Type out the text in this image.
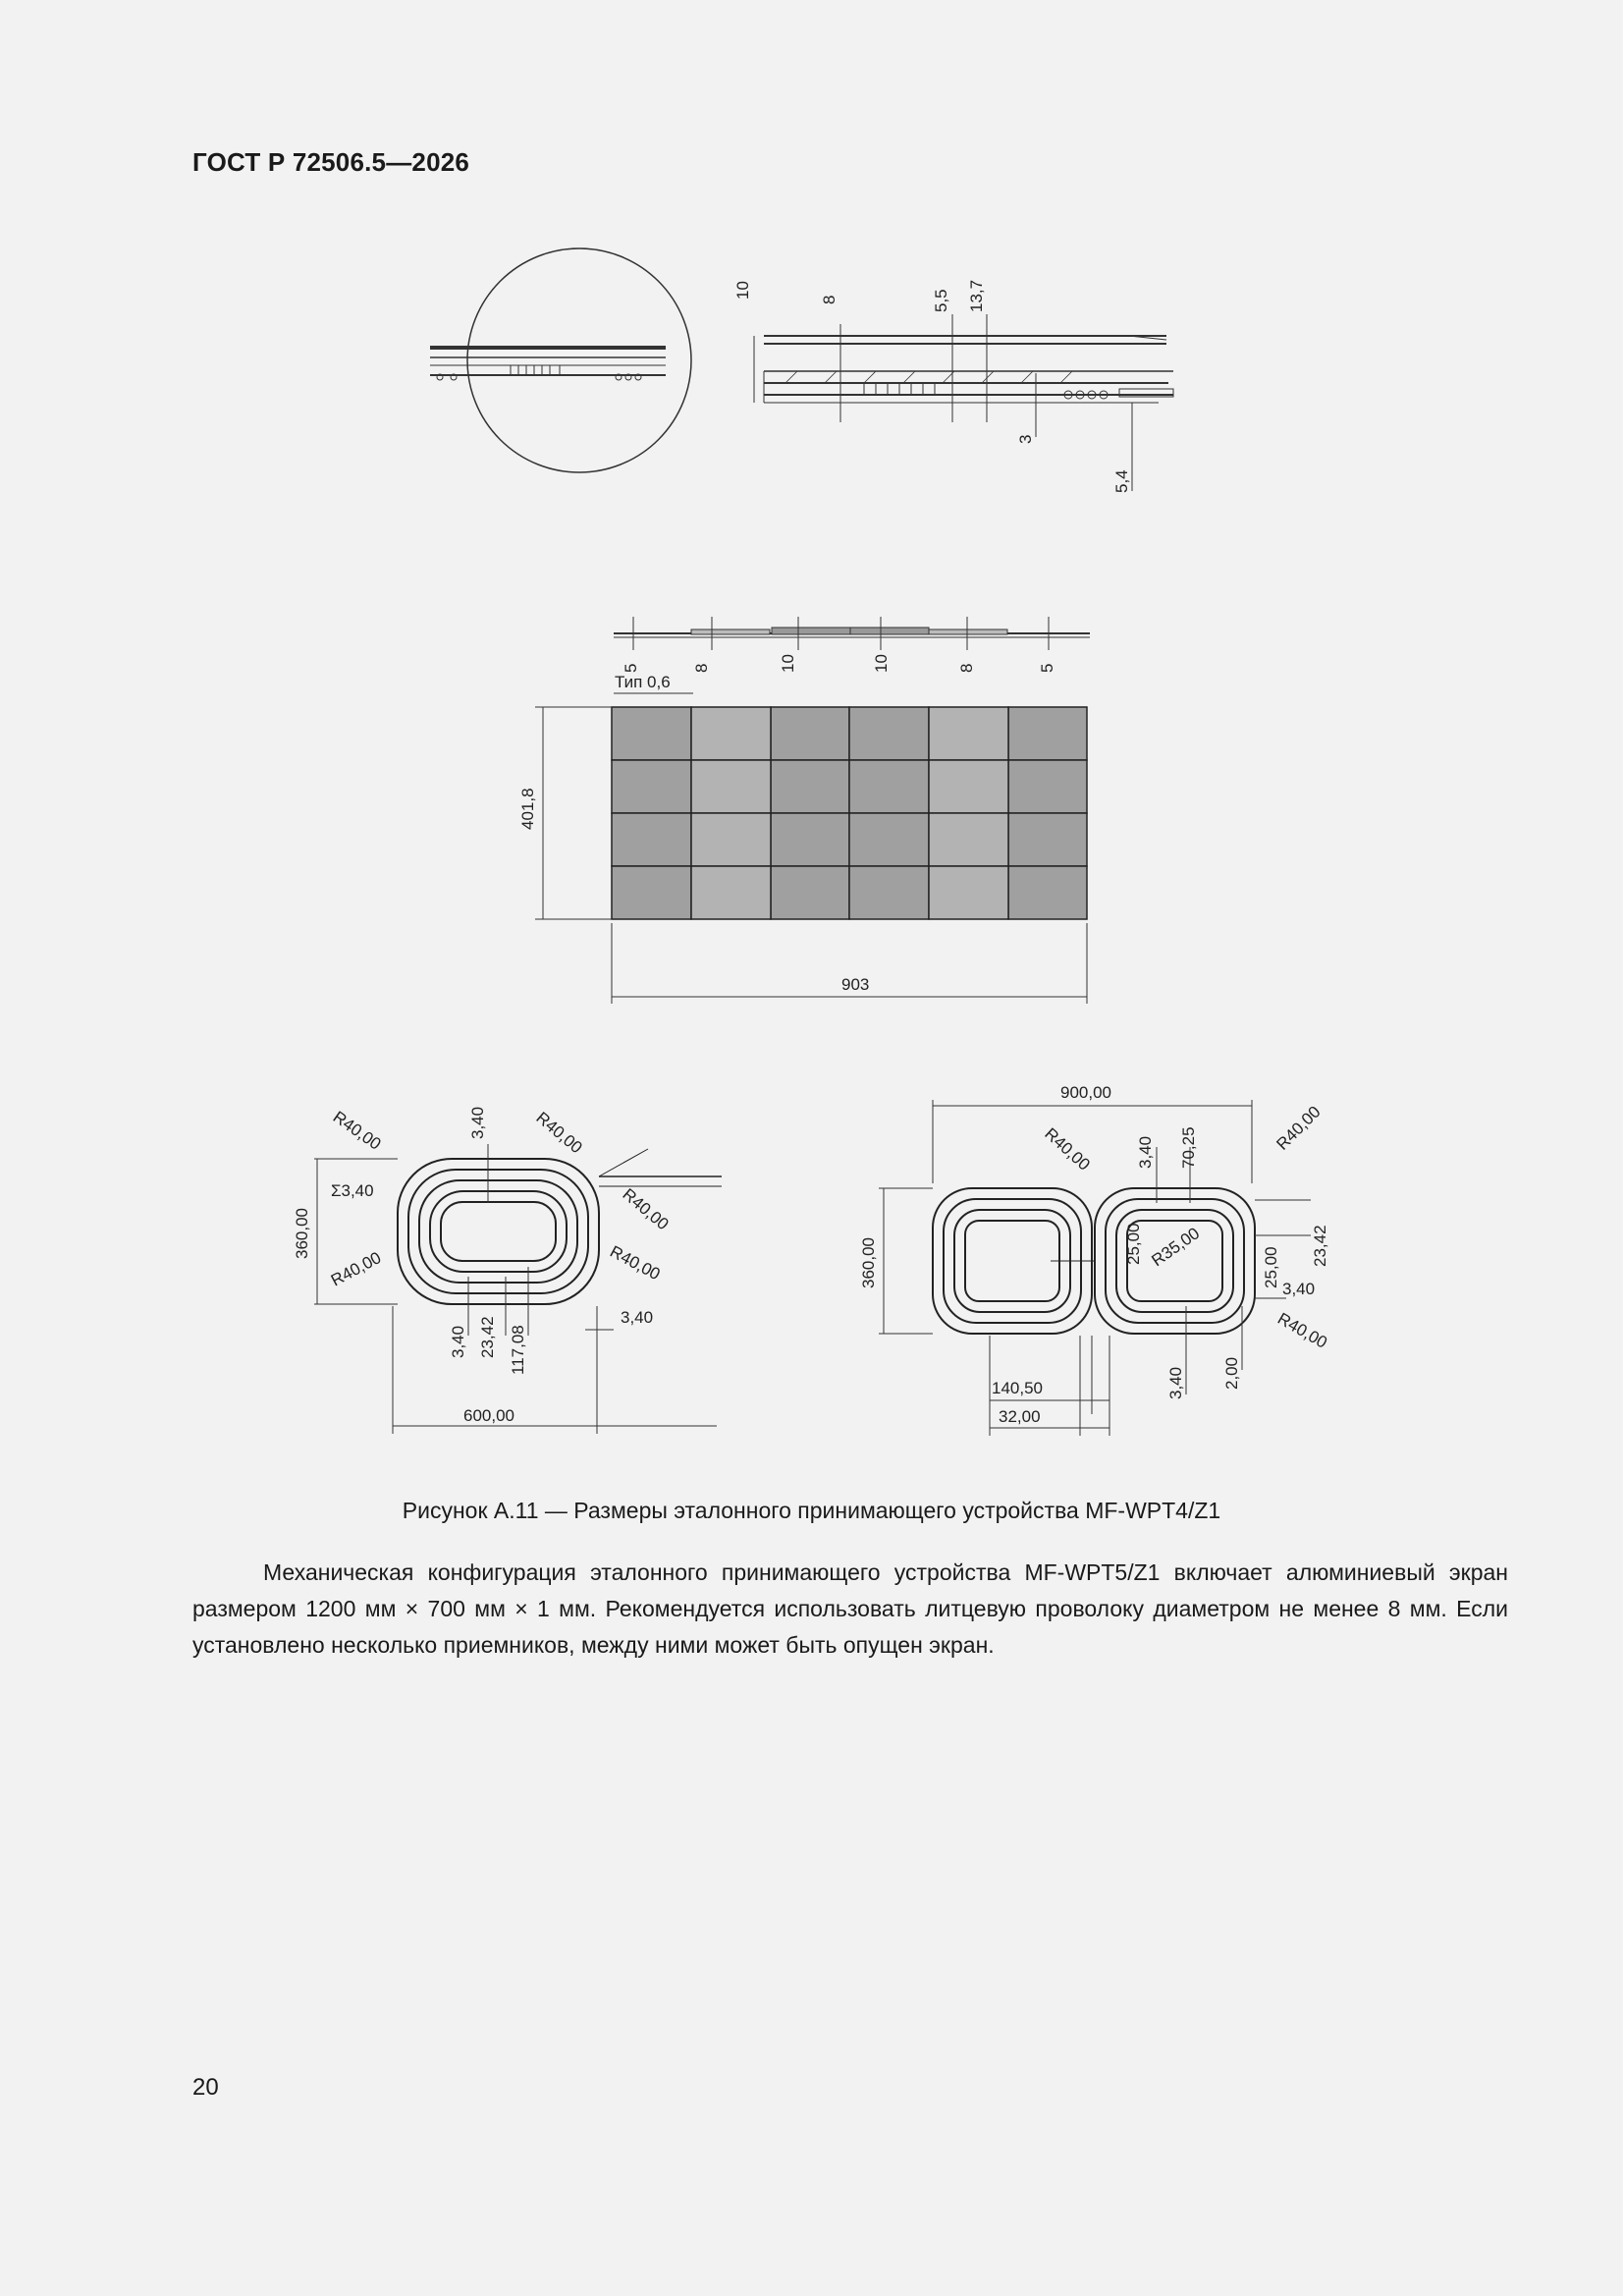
ГОСТ Р 72506.5—2026
10
8	5,5 13,7
3
5,4
5	8	10	10	8	5
Тип 0,6
401,8
903
R40,00	3,40	R40,00
360,00
Σ3,40	R40,00
R40,00	R40,00
3,40 23,42 117,08
3,40
600,00
900,00
R40,00	3,40 70,25	R40,00
360,00	25,00 R35,00	25,00
23,42
3,40
R40,00
2,00
3,40
140,50
32,00
Рисунок А.11 — Размеры эталонного принимающего устройства MF-WPT4/Z1
Механическая конфигурация эталонного принимающего устройства MF-WPT5/Z1 включает алюминиевый экран размером 1200 мм × 700 мм × 1 мм. Рекомендуется использовать литцевую проволоку диаметром не менее 8 мм. Если установлено несколько приемников, между ними может быть опущен экран.
20
